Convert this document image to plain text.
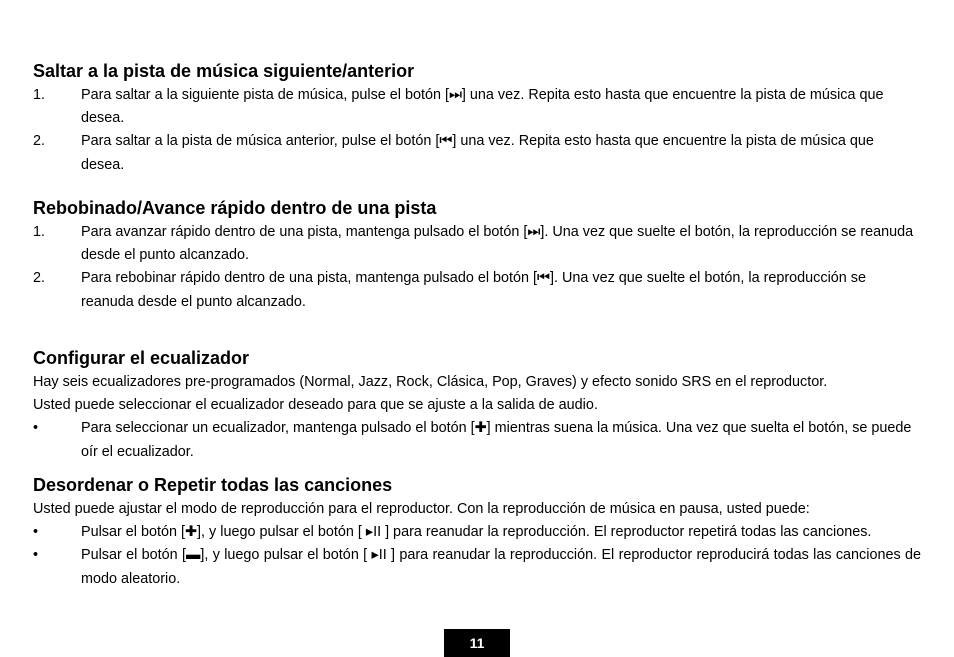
Saltar a la pista de música siguiente/anterior
1.	Para saltar a la siguiente pista de música, pulse el botón [⏭] una vez. Repita esto hasta que encuentre la pista de música que desea.
2.	Para saltar a la pista de música anterior, pulse el botón [⏮] una vez. Repita esto hasta que encuentre la pista de música que desea.
Rebobinado/Avance rápido dentro de una pista
1.	Para avanzar rápido dentro de una pista, mantenga pulsado el botón [⏭]. Una vez que suelte el botón, la reproducción se reanuda desde el punto alcanzado.
2.	Para rebobinar rápido dentro de una pista, mantenga pulsado el botón [⏮]. Una vez que suelte el botón, la reproducción se reanuda desde el punto alcanzado.
Configurar el ecualizador
Hay seis ecualizadores pre-programados (Normal, Jazz, Rock, Clásica, Pop, Graves) y efecto sonido SRS en el reproductor.
Usted puede seleccionar el ecualizador deseado para que se ajuste a la salida de audio.
•	Para seleccionar un ecualizador, mantenga pulsado el botón [✚] mientras suena la música. Una vez que suelta el botón, se puede oír el ecualizador.
Desordenar o Repetir todas las canciones
Usted puede ajustar el modo de reproducción para el reproductor. Con la reproducción de música en pausa, usted puede:
•	Pulsar el botón [✚], y luego pulsar el botón [ ▸II ] para reanudar la reproducción. El reproductor repetirá todas las canciones.
•	Pulsar el botón [▬], y luego pulsar el botón [ ▸II ] para reanudar la reproducción. El reproductor reproducirá todas las canciones de modo aleatorio.
11
